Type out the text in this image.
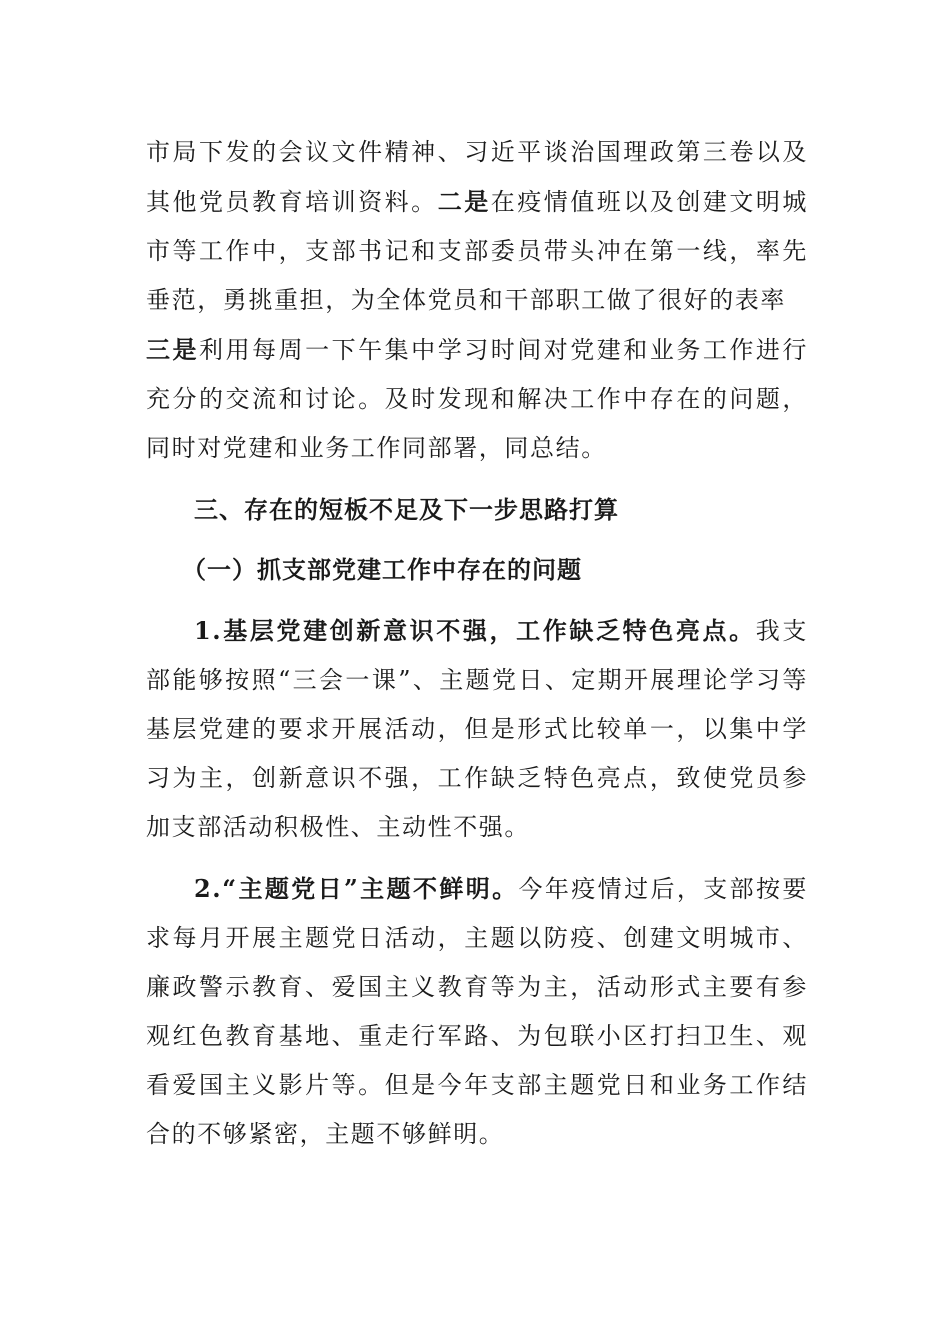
市局下发的会议文件精神、习近平谈治国理政第三卷以及其他党员教育培训资料。二是在疫情值班以及创建文明城市等工作中，支部书记和支部委员带头冲在第一线，率先垂范，勇挑重担，为全体党员和干部职工做了很好的表率
三是利用每周一下午集中学习时间对党建和业务工作进行充分的交流和讨论。及时发现和解决工作中存在的问题，同时对党建和业务工作同部署，同总结。

三、存在的短板不足及下一步思路打算

（一）抓支部党建工作中存在的问题

1.基层党建创新意识不强，工作缺乏特色亮点。我支部能够按照“三会一课”、主题党日、定期开展理论学习等基层党建的要求开展活动，但是形式比较单一，以集中学习为主，创新意识不强，工作缺乏特色亮点，致使党员参加支部活动积极性、主动性不强。

2.“主题党日”主题不鲜明。今年疫情过后，支部按要求每月开展主题党日活动，主题以防疫、创建文明城市、廉政警示教育、爱国主义教育等为主，活动形式主要有参观红色教育基地、重走行军路、为包联小区打扫卫生、观看爱国主义影片等。但是今年支部主题党日和业务工作结合的不够紧密，主题不够鲜明。
